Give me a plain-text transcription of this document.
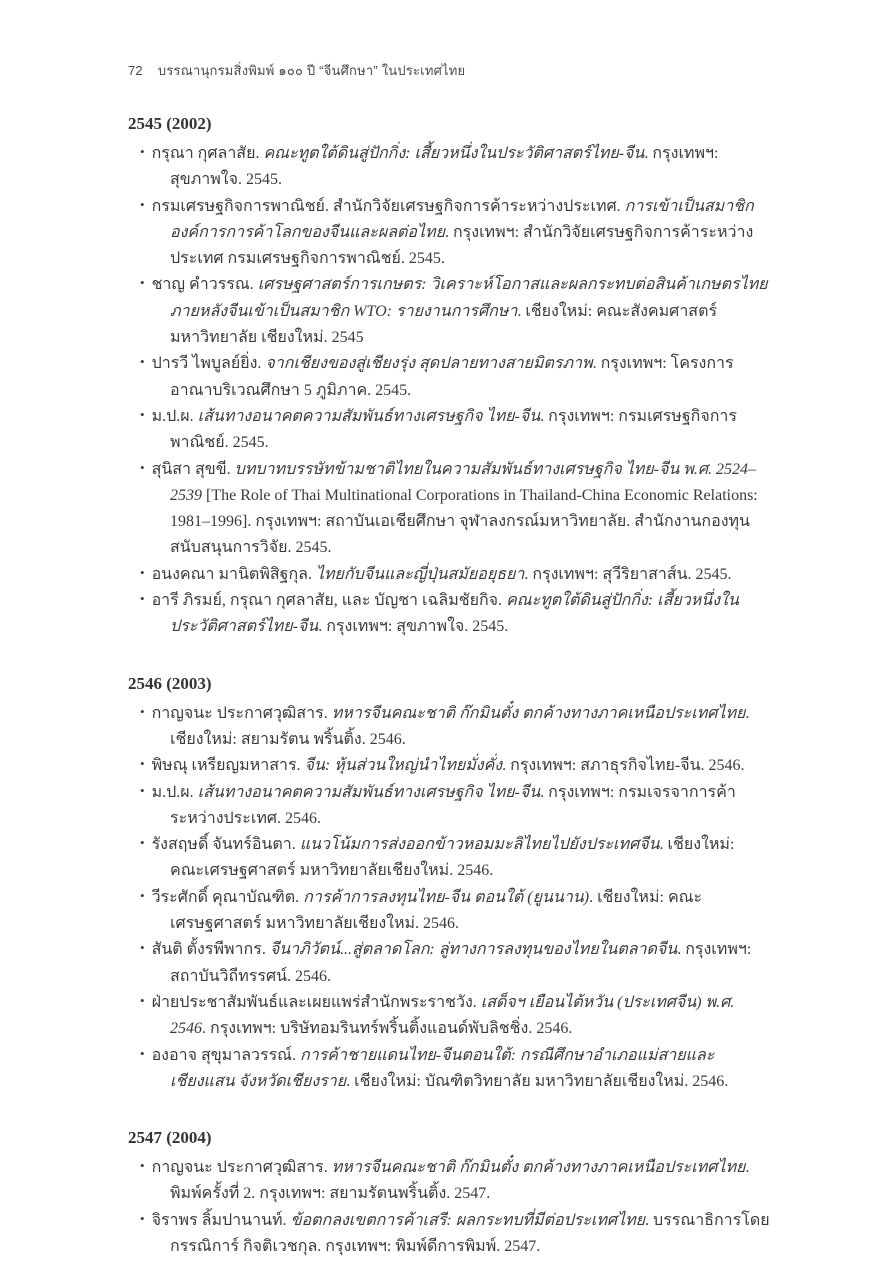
72 บรรณานุกรมสิ่งพิมพ์ ๑๐๐ ปี “จีนศึกษา” ในประเทศไทย
2545 (2002)
• กรุณา กุศลาสัย. คณะทูตใต้ดินสู่ปักกิ่ง: เสี้ยวหนึ่งในประวัติศาสตร์ไทย-จีน. กรุงเทพฯ: สุขภาพใจ. 2545.
• กรมเศรษฐกิจการพาณิชย์. สำนักวิจัยเศรษฐกิจการค้าระหว่างประเทศ. การเข้าเป็นสมาชิกองค์การการค้าโลกของจีนและผลต่อไทย. กรุงเทพฯ: สำนักวิจัยเศรษฐกิจการค้าระหว่างประเทศ กรมเศรษฐกิจการพาณิชย์. 2545.
• ชาญ คำวรรณ. เศรษฐศาสตร์การเกษตร: วิเคราะห์โอกาสและผลกระทบต่อสินค้าเกษตรไทยภายหลังจีนเข้าเป็นสมาชิก WTO: รายงานการศึกษา. เชียงใหม่: คณะสังคมศาสตร์ มหาวิทยาลัย เชียงใหม่. 2545
• ปารวี ไพบูลย์ยิ่ง. จากเชียงของสู่เชียงรุ่ง สุดปลายทางสายมิตรภาพ. กรุงเทพฯ: โครงการอาณาบริเวณศึกษา 5 ภูมิภาค. 2545.
• ม.ป.ผ. เส้นทางอนาคตความสัมพันธ์ทางเศรษฐกิจ ไทย-จีน. กรุงเทพฯ: กรมเศรษฐกิจการพาณิชย์. 2545.
• สุนิสา สุขขี. บทบาทบรรษัทข้ามชาติไทยในความสัมพันธ์ทางเศรษฐกิจ ไทย-จีน พ.ศ. 2524–2539 [The Role of Thai Multinational Corporations in Thailand-China Economic Relations: 1981–1996]. กรุงเทพฯ: สถาบันเอเชียศึกษา จุฬาลงกรณ์มหาวิทยาลัย. สำนักงานกองทุนสนับสนุนการวิจัย. 2545.
• อนงคณา มานิตพิสิฐกุล. ไทยกับจีนและญี่ปุ่นสมัยอยุธยา. กรุงเทพฯ: สุวีริยาสาส์น. 2545.
• อารี ภิรมย์, กรุณา กุศลาสัย, และ บัญชา เฉลิมชัยกิจ. คณะทูตใต้ดินสู่ปักกิ่ง: เสี้ยวหนึ่งในประวัติศาสตร์ไทย-จีน. กรุงเทพฯ: สุขภาพใจ. 2545.
2546 (2003)
• กาญจนะ ประกาศวุฒิสาร. ทหารจีนคณะชาติ ก๊กมินตั๋ง ตกค้างทางภาคเหนือประเทศไทย. เชียงใหม่: สยามรัตน พริ้นติ้ง. 2546.
• พิษณุ เหรียญมหาสาร. จีน: หุ้นส่วนใหญ่นำไทยมั่งคั่ง. กรุงเทพฯ: สภาธุรกิจไทย-จีน. 2546.
• ม.ป.ผ. เส้นทางอนาคตความสัมพันธ์ทางเศรษฐกิจ ไทย-จีน. กรุงเทพฯ: กรมเจรจาการค้าระหว่างประเทศ. 2546.
• รังสฤษดิ์ จันทร์อินตา. แนวโน้มการส่งออกข้าวหอมมะลิไทยไปยังประเทศจีน. เชียงใหม่: คณะเศรษฐศาสตร์ มหาวิทยาลัยเชียงใหม่. 2546.
• วีระศักดิ์ คุณาบัณฑิต. การค้าการลงทุนไทย-จีน ตอนใต้ (ยูนนาน). เชียงใหม่: คณะเศรษฐศาสตร์ มหาวิทยาลัยเชียงใหม่. 2546.
• สันติ ตั้งรพีพากร. จีนาภิวัตน์...สู่ตลาดโลก: ลู่ทางการลงทุนของไทยในตลาดจีน. กรุงเทพฯ: สถาบันวิถีทรรศน์. 2546.
• ฝ่ายประชาสัมพันธ์และเผยแพร่สำนักพระราชวัง. เสด็จฯ เยือนไต้หวัน (ประเทศจีน) พ.ศ. 2546. กรุงเทพฯ: บริษัทอมรินทร์พริ้นติ้งแอนด์พับลิชชิ่ง. 2546.
• องอาจ สุขุมาลวรรณ์. การค้าชายแดนไทย-จีนตอนใต้: กรณีศึกษาอำเภอแม่สายและเชียงแสน จังหวัดเชียงราย. เชียงใหม่: บัณฑิตวิทยาลัย มหาวิทยาลัยเชียงใหม่. 2546.
2547 (2004)
• กาญจนะ ประกาศวุฒิสาร. ทหารจีนคณะชาติ ก๊กมินตั๋ง ตกค้างทางภาคเหนือประเทศไทย. พิมพ์ครั้งที่ 2. กรุงเทพฯ: สยามรัตนพริ้นติ้ง. 2547.
• จิราพร ลิ้มปานานท์. ข้อตกลงเขตการค้าเสรี: ผลกระทบที่มีต่อประเทศไทย. บรรณาธิการโดย กรรณิการ์ กิจติเวชกุล. กรุงเทพฯ: พิมพ์ดีการพิมพ์. 2547.
